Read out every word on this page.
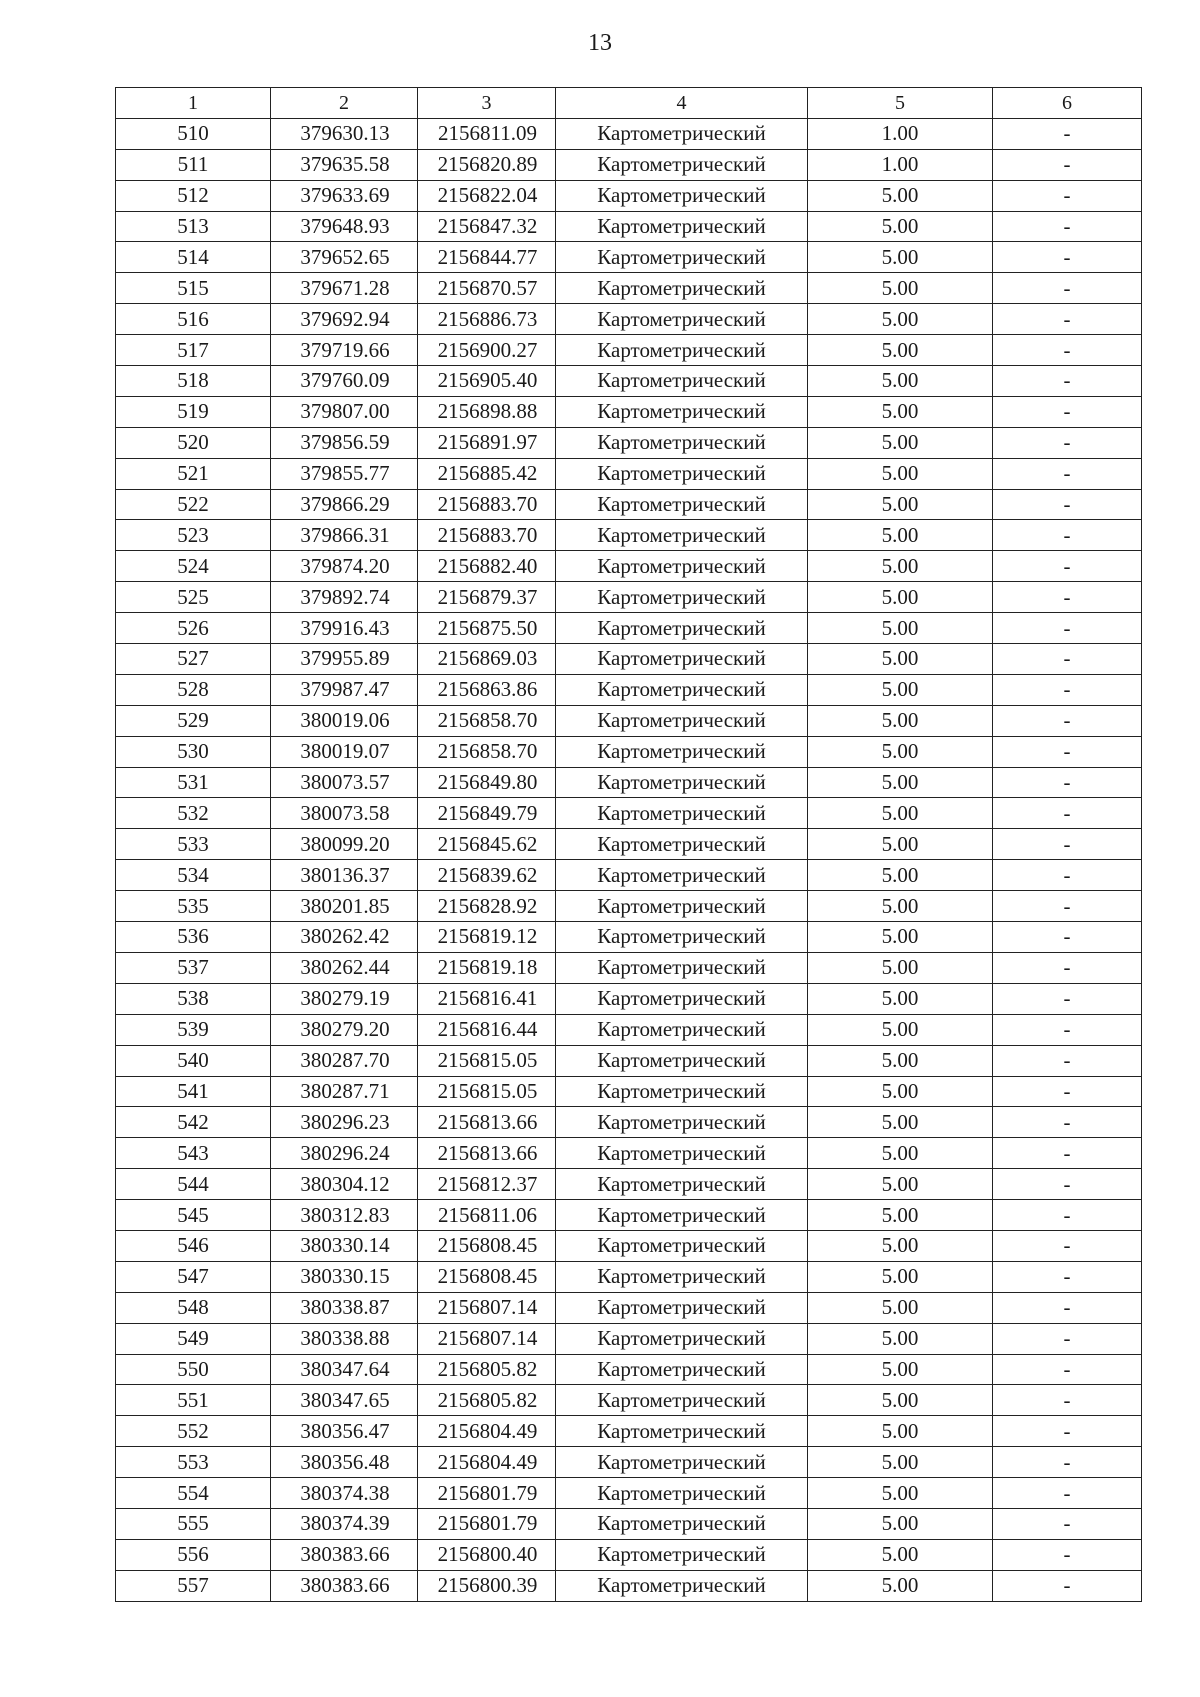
13
1	2	3	4	5	6
510	379630.13	2156811.09	Картометрический	1.00	-
511	379635.58	2156820.89	Картометрический	1.00	-
512	379633.69	2156822.04	Картометрический	5.00	-
513	379648.93	2156847.32	Картометрический	5.00	-
514	379652.65	2156844.77	Картометрический	5.00	-
515	379671.28	2156870.57	Картометрический	5.00	-
516	379692.94	2156886.73	Картометрический	5.00	-
517	379719.66	2156900.27	Картометрический	5.00	-
518	379760.09	2156905.40	Картометрический	5.00	-
519	379807.00	2156898.88	Картометрический	5.00	-
520	379856.59	2156891.97	Картометрический	5.00	-
521	379855.77	2156885.42	Картометрический	5.00	-
522	379866.29	2156883.70	Картометрический	5.00	-
523	379866.31	2156883.70	Картометрический	5.00	-
524	379874.20	2156882.40	Картометрический	5.00	-
525	379892.74	2156879.37	Картометрический	5.00	-
526	379916.43	2156875.50	Картометрический	5.00	-
527	379955.89	2156869.03	Картометрический	5.00	-
528	379987.47	2156863.86	Картометрический	5.00	-
529	380019.06	2156858.70	Картометрический	5.00	-
530	380019.07	2156858.70	Картометрический	5.00	-
531	380073.57	2156849.80	Картометрический	5.00	-
532	380073.58	2156849.79	Картометрический	5.00	-
533	380099.20	2156845.62	Картометрический	5.00	-
534	380136.37	2156839.62	Картометрический	5.00	-
535	380201.85	2156828.92	Картометрический	5.00	-
536	380262.42	2156819.12	Картометрический	5.00	-
537	380262.44	2156819.18	Картометрический	5.00	-
538	380279.19	2156816.41	Картометрический	5.00	-
539	380279.20	2156816.44	Картометрический	5.00	-
540	380287.70	2156815.05	Картометрический	5.00	-
541	380287.71	2156815.05	Картометрический	5.00	-
542	380296.23	2156813.66	Картометрический	5.00	-
543	380296.24	2156813.66	Картометрический	5.00	-
544	380304.12	2156812.37	Картометрический	5.00	-
545	380312.83	2156811.06	Картометрический	5.00	-
546	380330.14	2156808.45	Картометрический	5.00	-
547	380330.15	2156808.45	Картометрический	5.00	-
548	380338.87	2156807.14	Картометрический	5.00	-
549	380338.88	2156807.14	Картометрический	5.00	-
550	380347.64	2156805.82	Картометрический	5.00	-
551	380347.65	2156805.82	Картометрический	5.00	-
552	380356.47	2156804.49	Картометрический	5.00	-
553	380356.48	2156804.49	Картометрический	5.00	-
554	380374.38	2156801.79	Картометрический	5.00	-
555	380374.39	2156801.79	Картометрический	5.00	-
556	380383.66	2156800.40	Картометрический	5.00	-
557	380383.66	2156800.39	Картометрический	5.00	-
